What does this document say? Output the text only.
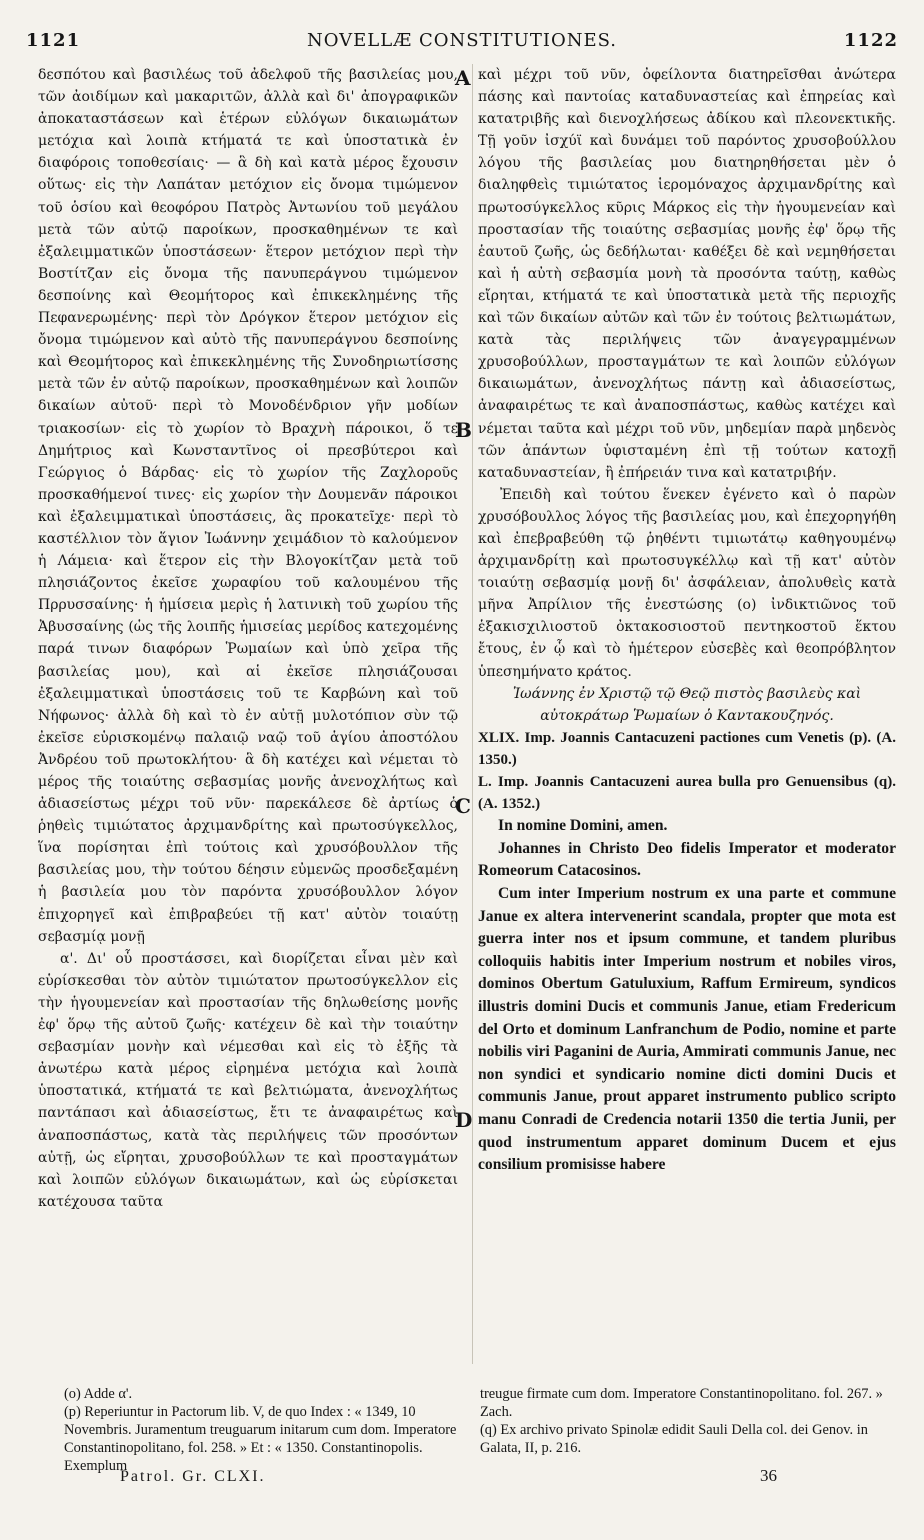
1121	NOVELLÆ CONSTITUTIONES.	1122
A
B
C
D

δεσπότου καὶ βασιλέως τοῦ ἀδελφοῦ τῆς βασιλείας μου, τῶν ἀοιδίμων καὶ μακαριτῶν, ἀλλὰ καὶ δι' ἀπογραφικῶν ἀποκαταστάσεων καὶ ἑτέρων εὐλόγων δικαιωμάτων μετόχια καὶ λοιπὰ κτήματά τε καὶ ὑποστατικὰ ἐν διαφόροις τοποθεσίαις· — ἃ δὴ καὶ κατὰ μέρος ἔχουσιν οὕτως· εἰς τὴν Λαπάταν μετόχιον εἰς ὄνομα τιμώμενον τοῦ ὁσίου καὶ θεοφόρου Πατρὸς Ἀντωνίου τοῦ μεγάλου μετὰ τῶν αὐτῷ παροίκων, προσκαθημένων τε καὶ ἐξαλειμματικῶν ὑποστάσεων· ἕτερον μετόχιον περὶ τὴν Βοστίτζαν εἰς ὄνομα τῆς πανυπεράγνου τιμώμενον δεσποίνης καὶ Θεομήτορος καὶ ἐπικεκλημένης τῆς Πεφανερωμένης· περὶ τὸν Δρόγκον ἕτερον μετόχιον εἰς ὄνομα τιμώμενον καὶ αὐτὸ τῆς πανυπεράγνου δεσποίνης καὶ Θεομήτορος καὶ ἐπικεκλημένης τῆς Συνοδηριωτίσσης μετὰ τῶν ἐν αὐτῷ παροίκων, προσκαθημένων καὶ λοιπῶν δικαίων αὐτοῦ· περὶ τὸ Μονοδένδριον γῆν μοδίων τριακοσίων· εἰς τὸ χωρίον τὸ Βραχνὴ πάροικοι, ὅ τε Δημήτριος καὶ Κωνσταντῖνος οἱ πρεσβύτεροι καὶ Γεώργιος ὁ Βάρδας· εἰς τὸ χωρίον τῆς Ζαχλοροῦς προσκαθήμενοί τινες· εἰς χωρίον τὴν Δουμενᾶν πάροικοι καὶ ἐξαλειμματικαὶ ὑποστάσεις, ἃς προκατεῖχε· περὶ τὸ καστέλλιον τὸν ἅγιον Ἰωάννην χειμάδιον τὸ καλούμενον ἡ Λάμεια· καὶ ἕτερον εἰς τὴν Βλογοκίτζαν μετὰ τοῦ πλησιάζοντος ἐκεῖσε χωραφίου τοῦ καλουμένου τῆς Πρρυσσαίνης· ἡ ἡμίσεια μερὶς ἡ λατινικὴ τοῦ χωρίου τῆς Ἀβυσσαίνης (ὡς τῆς λοιπῆς ἡμισείας μερίδος κατεχομένης παρά τινων διαφόρων Ῥωμαίων καὶ ὑπὸ χεῖρα τῆς βασιλείας μου), καὶ αἱ ἐκεῖσε πλησιάζουσαι ἐξαλειμματικαὶ ὑποστάσεις τοῦ τε Καρβώνη καὶ τοῦ Νήφωνος· ἀλλὰ δὴ καὶ τὸ ἐν αὐτῇ μυλοτόπιον σὺν τῷ ἐκεῖσε εὑρισκομένῳ παλαιῷ ναῷ τοῦ ἁγίου ἀποστόλου Ἀνδρέου τοῦ πρωτοκλήτου· ἃ δὴ κατέχει καὶ νέμεται τὸ μέρος τῆς τοιαύτης σεβασμίας μονῆς ἀνενοχλήτως καὶ ἀδιασείστως μέχρι τοῦ νῦν· παρεκάλεσε δὲ ἀρτίως ὁ ῥηθεὶς τιμιώτατος ἀρχιμανδρίτης καὶ πρωτοσύγκελλος, ἵνα πορίσηται ἐπὶ τούτοις καὶ χρυσόβουλλον τῆς βασιλείας μου, τὴν τούτου δέησιν εὐμενῶς προσδεξαμένη ἡ βασιλεία μου τὸν παρόντα χρυσόβουλλον λόγον ἐπιχορηγεῖ καὶ ἐπιβραβεύει τῇ κατ' αὐτὸν τοιαύτῃ σεβασμίᾳ μονῇ

α'. Δι' οὗ προστάσσει, καὶ διορίζεται εἶναι μὲν καὶ εὑρίσκεσθαι τὸν αὐτὸν τιμιώτατον πρωτοσύγκελλον εἰς τὴν ἡγουμενείαν καὶ προστασίαν τῆς δηλωθείσης μονῆς ἐφ' ὅρῳ τῆς αὐτοῦ ζωῆς· κατέχειν δὲ καὶ τὴν τοιαύτην σεβασμίαν μονὴν καὶ νέμεσθαι καὶ εἰς τὸ ἑξῆς τὰ ἀνωτέρω κατὰ μέρος εἰρημένα μετόχια καὶ λοιπὰ ὑποστατικά, κτήματά τε καὶ βελτιώματα, ἀνενοχλήτως παντάπασι καὶ ἀδιασείστως, ἔτι τε ἀναφαιρέτως καὶ ἀναποσπάστως, κατὰ τὰς περιλήψεις τῶν προσόντων αὐτῇ, ὡς εἴρηται, χρυσοβούλλων τε καὶ προσταγμάτων καὶ λοιπῶν εὐλόγων δικαιωμάτων, καὶ ὡς εὑρίσκεται κατέχουσα ταῦτα

καὶ μέχρι τοῦ νῦν, ὀφείλοντα διατηρεῖσθαι ἀνώτερα πάσης καὶ παντοίας καταδυναστείας καὶ ἐπηρείας καὶ κατατριβῆς καὶ διενοχλήσεως ἀδίκου καὶ πλεονεκτικῆς. Τῇ γοῦν ἰσχύϊ καὶ δυνάμει τοῦ παρόντος χρυσοβούλλου λόγου τῆς βασιλείας μου διατηρηθήσεται μὲν ὁ διαληφθεὶς τιμιώτατος ἱερομόναχος ἀρχιμανδρίτης καὶ πρωτοσύγκελλος κῦρις Μάρκος εἰς τὴν ἡγουμενείαν καὶ προστασίαν τῆς τοιαύτης σεβασμίας μονῆς ἐφ' ὅρῳ τῆς ἑαυτοῦ ζωῆς, ὡς δεδήλωται· καθέξει δὲ καὶ νεμηθήσεται καὶ ἡ αὐτὴ σεβασμία μονὴ τὰ προσόντα ταύτῃ, καθὼς εἴρηται, κτήματά τε καὶ ὑποστατικὰ μετὰ τῆς περιοχῆς καὶ τῶν δικαίων αὐτῶν καὶ τῶν ἐν τούτοις βελτιωμάτων, κατὰ τὰς περιλήψεις τῶν ἀναγεγραμμένων χρυσοβούλλων, προσταγμάτων τε καὶ λοιπῶν εὐλόγων δικαιωμάτων, ἀνενοχλήτως πάντῃ καὶ ἀδιασείστως, ἀναφαιρέτως τε καὶ ἀναποσπάστως, καθὼς κατέχει καὶ νέμεται ταῦτα καὶ μέχρι τοῦ νῦν, μηδεμίαν παρὰ μηδενὸς τῶν ἁπάντων ὑφισταμένη ἐπὶ τῇ τούτων κατοχῇ καταδυναστείαν, ἢ ἐπήρειάν τινα καὶ κατατριβήν.

Ἐπειδὴ καὶ τούτου ἕνεκεν ἐγένετο καὶ ὁ παρὼν χρυσόβουλλος λόγος τῆς βασιλείας μου, καὶ ἐπεχορηγήθη καὶ ἐπεβραβεύθη τῷ ῥηθέντι τιμιωτάτῳ καθηγουμένῳ ἀρχιμανδρίτῃ καὶ πρωτοσυγκέλλῳ καὶ τῇ κατ' αὐτὸν τοιαύτῃ σεβασμίᾳ μονῇ δι' ἀσφάλειαν, ἀπολυθεὶς κατὰ μῆνα Ἀπρίλιον τῆς ἐνεστώσης (ο) ἰνδικτιῶνος τοῦ ἑξακισχιλιοστοῦ ὀκτακοσιοστοῦ πεντηκοστοῦ ἕκτου ἔτους, ἐν ᾧ καὶ τὸ ἡμέτερον εὐσεβὲς καὶ θεοπρόβλητον ὑπεσημήνατο κράτος.

Ἰωάννης ἐν Χριστῷ τῷ Θεῷ πιστὸς βασιλεὺς καὶ αὐτοκράτωρ Ῥωμαίων ὁ Καντακουζηνός.

XLIX. Imp. Joannis Cantacuzeni pactiones cum Venetis (p). (A. 1350.)

L. Imp. Joannis Cantacuzeni aurea bulla pro Genuensibus (q). (A. 1352.)

In nomine Domini, amen.

Johannes in Christo Deo fidelis Imperator et moderator Romeorum Catacosinos.

Cum inter Imperium nostrum ex una parte et commune Janue ex altera intervenerint scandala, propter que mota est guerra inter nos et ipsum commune, et tandem pluribus colloquiis habitis inter Imperium nostrum et nobiles viros, dominos Obertum Gatuluxium, Raffum Ermireum, syndicos illustris domini Ducis et communis Janue, etiam Fredericum del Orto et dominum Lanfranchum de Podio, nomine et parte nobilis viri Paganini de Auria, Ammirati communis Janue, nec non syndici et syndicario nomine dicti domini Ducis et communis Janue, prout apparet instrumento publico scripto manu Conradi de Credencia notarii 1350 die tertia Junii, per quod instrumentum apparet dominum Ducem et ejus consilium promisisse habere

(o) Adde α'.

(p) Reperiuntur in Pactorum lib. V, de quo Index : « 1349, 10 Novembris. Juramentum treuguarum initarum cum dom. Imperatore Constantinopolitano, fol. 258. » Et : « 1350. Constantinopolis. Exemplum

treugue firmate cum dom. Imperatore Constantinopolitano. fol. 267. » Zach.

(q) Ex archivo privato Spinolæ edidit Sauli Della col. dei Genov. in Galata, II, p. 216.

Patrol. Gr. CLXI.	36
